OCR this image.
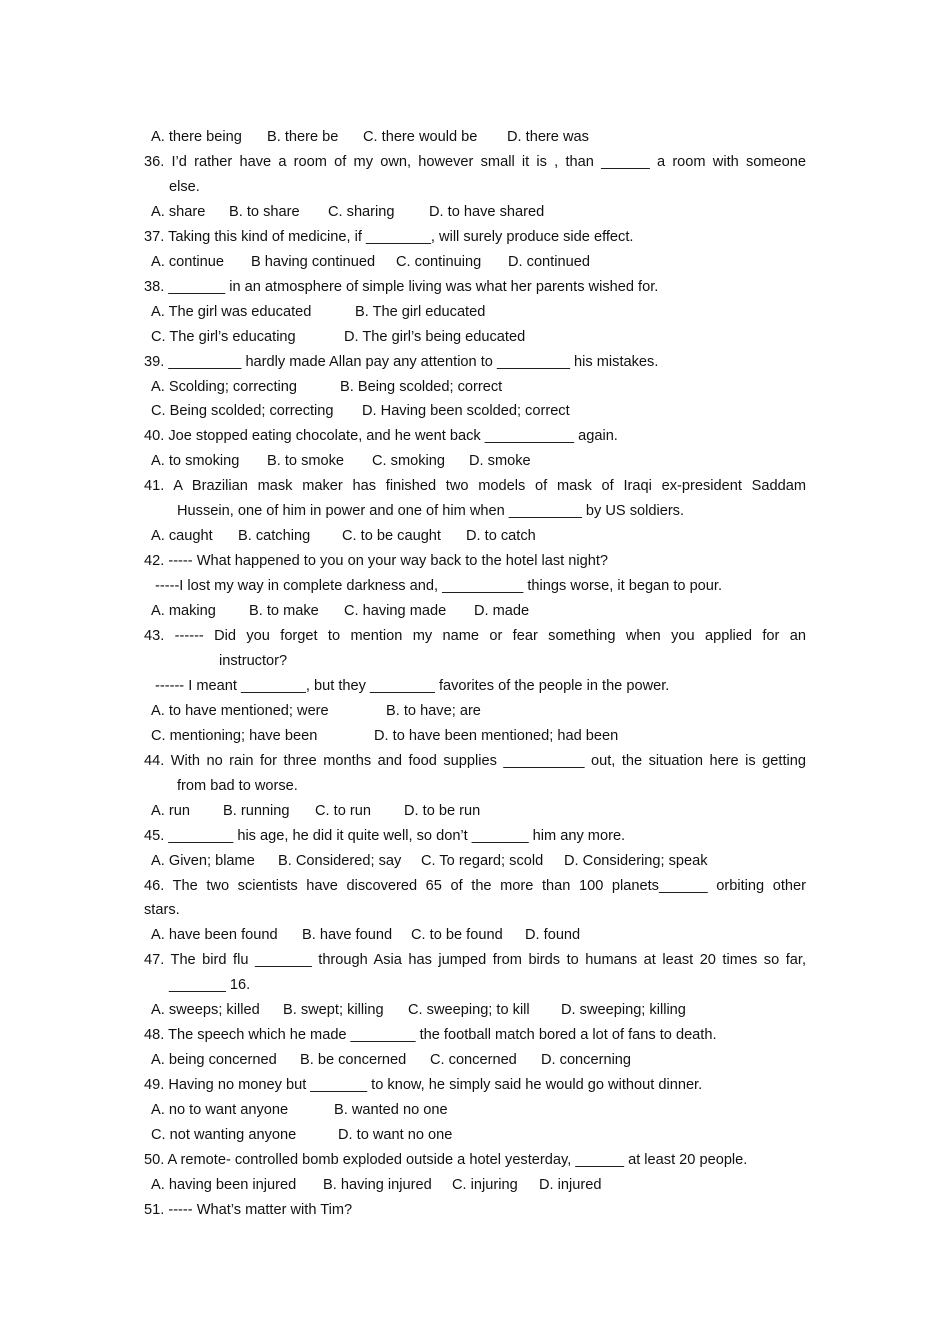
A. there being B. there be C. there would be D. there was
36. I’d rather have a room of my own, however small it is , than ______ a room with someone
else.
A. share B. to share C. sharing D. to have shared
37. Taking this kind of medicine, if ________, will surely produce side effect.
A. continue B having continued C. continuing D. continued
38. _______ in an atmosphere of simple living was what her parents wished for.
A. The girl was educated	B. The girl educated
C. The girl’s educating	D. The girl’s being educated
39. _________ hardly made Allan pay any attention to _________ his mistakes.
A. Scolding; correcting	B. Being scolded; correct
C. Being scolded; correcting D. Having been scolded; correct
40. Joe stopped eating chocolate, and he went back ___________ again.
A. to smoking B. to smoke C. smoking D. smoke
41. A Brazilian mask maker has finished two models of mask of Iraqi ex-president Saddam
Hussein, one of him in power and one of him when _________ by US soldiers.
A. caught B. catching C. to be caught D. to catch
42. ----- What happened to you on your way back to the hotel last night?
-----I lost my way in complete darkness and, __________ things worse, it began to pour.
A. making B. to make C. having made D. made
43. ------ Did you forget to mention my name or fear something when you applied for an
instructor?
------ I meant ________, but they ________ favorites of the people in the power.
A. to have mentioned; were	B. to have; are
C. mentioning; have been	D. to have been mentioned; had been
44. With no rain for three months and food supplies __________ out, the situation here is getting
from bad to worse.
A. run B. running C. to run D. to be run
45. ________ his age, he did it quite well, so don’t _______ him any more.
A. Given; blame B. Considered; say C. To regard; scold D. Considering; speak
46. The two scientists have discovered 65 of the more than 100 planets______ orbiting other
stars.
A. have been found B. have found C. to be found D. found
47. The bird flu _______ through Asia has jumped from birds to humans at least 20 times so far,
_______ 16.
A. sweeps; killed B. swept; killing C. sweeping; to kill D. sweeping; killing
48. The speech which he made ________ the football match bored a lot of fans to death.
A. being concerned B. be concerned C. concerned D. concerning
49. Having no money but _______ to know, he simply said he would go without dinner.
A. no to want anyone	B. wanted no one
C. not wanting anyone	D. to want no one
50. A remote- controlled bomb exploded outside a hotel yesterday, ______ at least 20 people.
A. having been injured B. having injured C. injuring D. injured
51. ----- What’s matter with Tim?
